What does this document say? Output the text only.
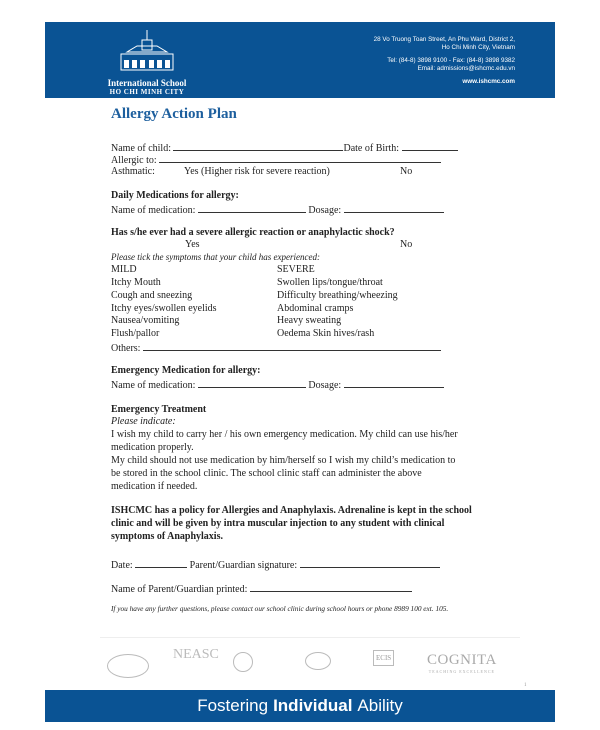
International School
HO CHI MINH CITY
28 Vo Truong Toan Street, An Phu Ward, District 2,
Ho Chi Minh City, Vietnam
Tel: (84-8) 3898 9100 - Fax: (84-8) 3898 9382
Email: admissions@ishcmc.edu.vn
www.ishcmc.com
Allergy Action Plan
Name of child:	Date of Birth:
Allergic to:
Asthmatic:	Yes (Higher risk for severe reaction)	No
Daily Medications for allergy:
Name of medication:	Dosage:
Has s/he ever had a severe allergic reaction or anaphylactic shock?
Yes	No
Please tick the symptoms that your child has experienced:
MILD	SEVERE
Itchy Mouth	Swollen lips/tongue/throat
Cough and sneezing	Difficulty breathing/wheezing
Itchy eyes/swollen eyelids	Abdominal cramps
Nausea/vomiting	Heavy sweating
Flush/pallor	Oedema Skin hives/rash
Others:
Emergency Medication for allergy:
Name of medication:	Dosage:
Emergency Treatment
Please indicate:
I wish my child to carry her / his own emergency medication. My child can use his/her
medication properly.
My child should not use medication by him/herself so I wish my child’s medication to
be stored in the school clinic. The school clinic staff can administer the above
medication if needed.
ISHCMC has a policy for Allergies and Anaphylaxis. Adrenaline is kept in the school
clinic and will be given by intra muscular injection to any student with clinical
symptoms of Anaphylaxis.
Date:	Parent/Guardian signature:
Name of Parent/Guardian printed:
If you have any further questions, please contact our school clinic during school hours or phone 8989 100 ext. 105.
NEASC	ECIS COGNITA
TEACHING EXCELLENCE
1
Fostering Individual Ability
